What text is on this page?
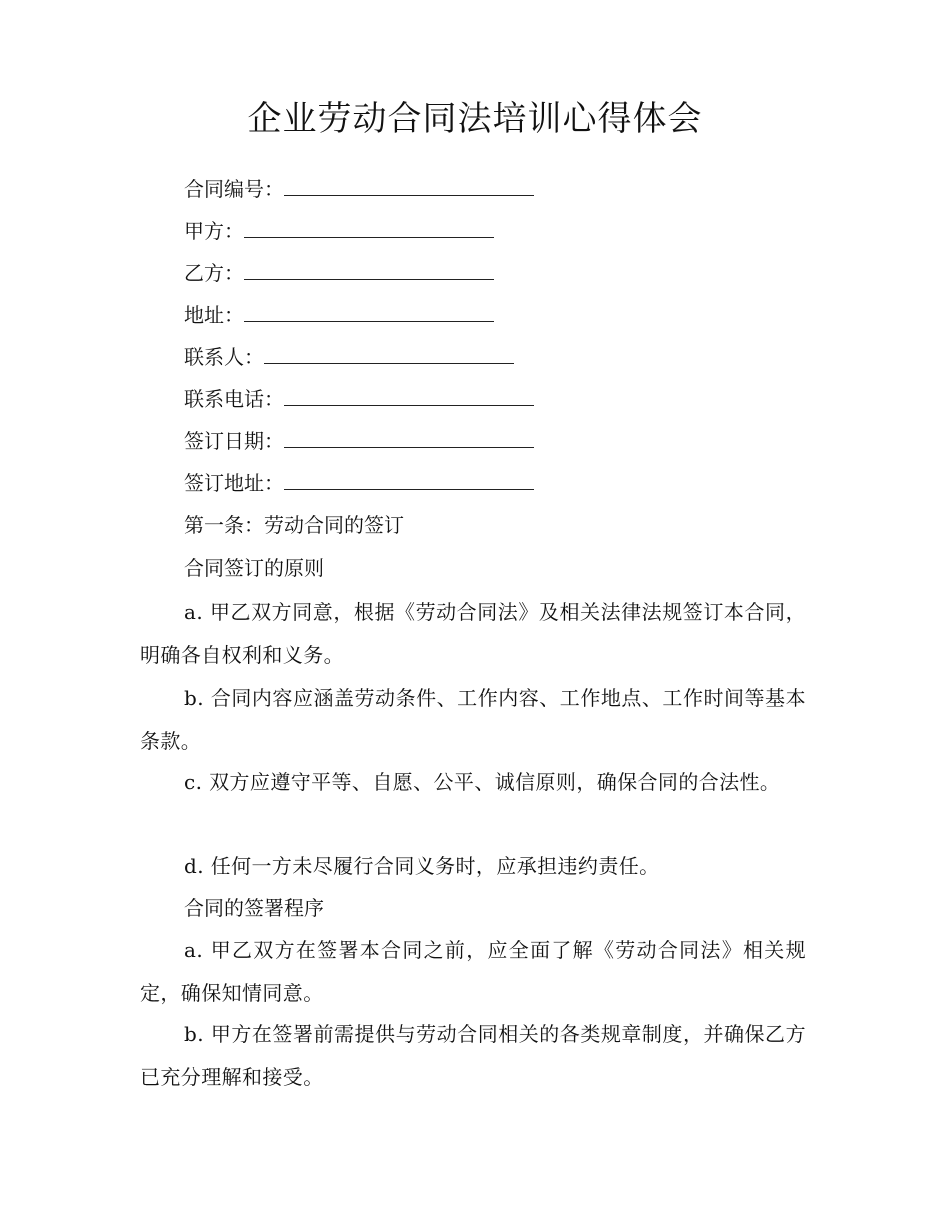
企业劳动合同法培训心得体会
合同编号：
甲方：
乙方：
地址：
联系人：
联系电话：
签订日期：
签订地址：
第一条：劳动合同的签订
合同签订的原则
a. 甲乙双方同意，根据《劳动合同法》及相关法律法规签订本合同，明确各自权利和义务。
b. 合同内容应涵盖劳动条件、工作内容、工作地点、工作时间等基本条款。
c. 双方应遵守平等、自愿、公平、诚信原则，确保合同的合法性。
d. 任何一方未尽履行合同义务时，应承担违约责任。
合同的签署程序
a. 甲乙双方在签署本合同之前，应全面了解《劳动合同法》相关规定，确保知情同意。
b. 甲方在签署前需提供与劳动合同相关的各类规章制度，并确保乙方已充分理解和接受。
